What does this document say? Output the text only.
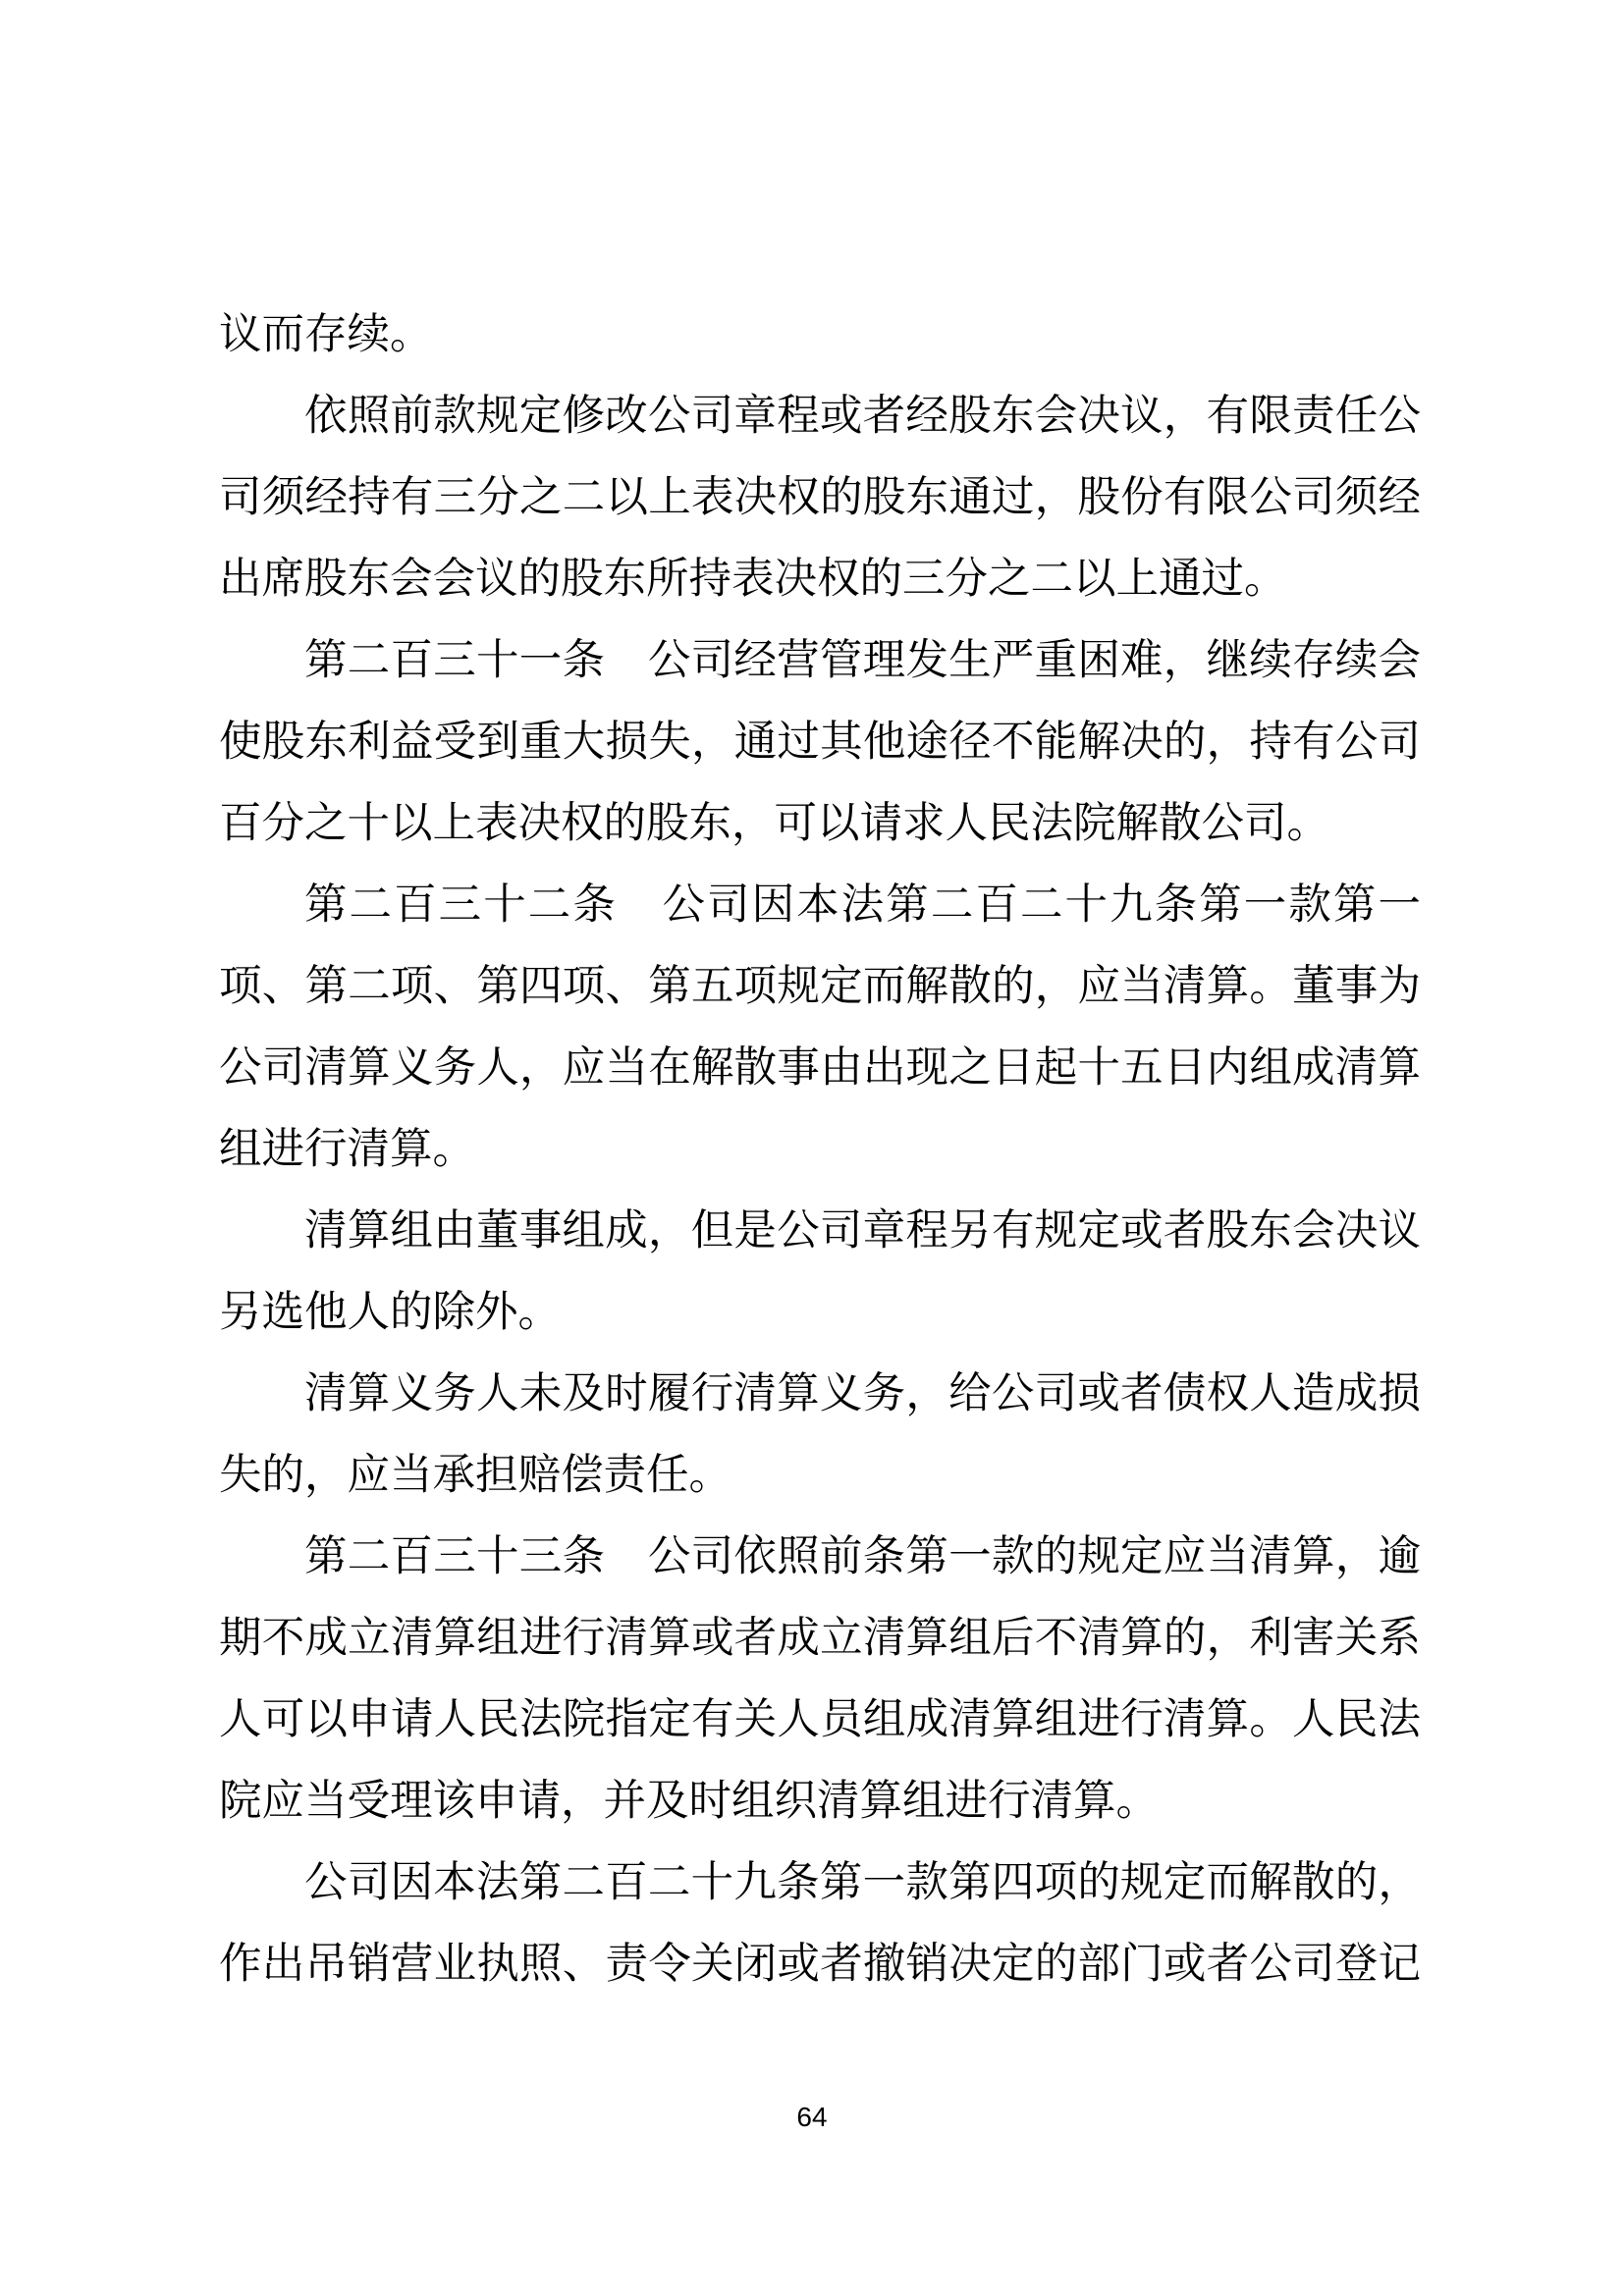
议而存续。
依照前款规定修改公司章程或者经股东会决议，有限责任公
司须经持有三分之二以上表决权的股东通过，股份有限公司须经
出席股东会会议的股东所持表决权的三分之二以上通过。
第二百三十一条　公司经营管理发生严重困难，继续存续会
使股东利益受到重大损失，通过其他途径不能解决的，持有公司
百分之十以上表决权的股东，可以请求人民法院解散公司。
第二百三十二条　公司因本法第二百二十九条第一款第一
项、第二项、第四项、第五项规定而解散的，应当清算。董事为
公司清算义务人，应当在解散事由出现之日起十五日内组成清算
组进行清算。
清算组由董事组成，但是公司章程另有规定或者股东会决议
另选他人的除外。
清算义务人未及时履行清算义务，给公司或者债权人造成损
失的，应当承担赔偿责任。
第二百三十三条　公司依照前条第一款的规定应当清算，逾
期不成立清算组进行清算或者成立清算组后不清算的，利害关系
人可以申请人民法院指定有关人员组成清算组进行清算。人民法
院应当受理该申请，并及时组织清算组进行清算。
公司因本法第二百二十九条第一款第四项的规定而解散的，
作出吊销营业执照、责令关闭或者撤销决定的部门或者公司登记
64
